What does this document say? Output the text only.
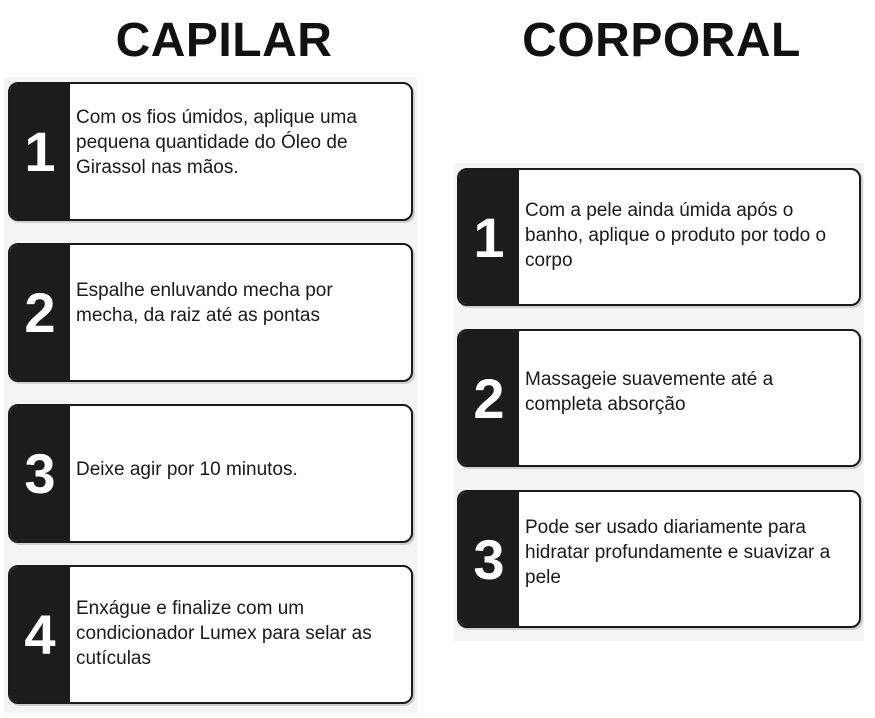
CAPILAR	CORPORAL
1
Com os fios úmidos, aplique uma pequena quantidade do Óleo de Girassol nas mãos.
2	Espalhe enluvando mecha por mecha, da raiz até as pontas
3	Deixe agir por 10 minutos.
4	Enxágue e finalize com um condicionador Lumex para selar as cutículas
1	Com a pele ainda úmida após o banho, aplique o produto por todo o corpo
2	Massageie suavemente até a completa absorção
3	Pode ser usado diariamente para hidratar profundamente e suavizar a pele
